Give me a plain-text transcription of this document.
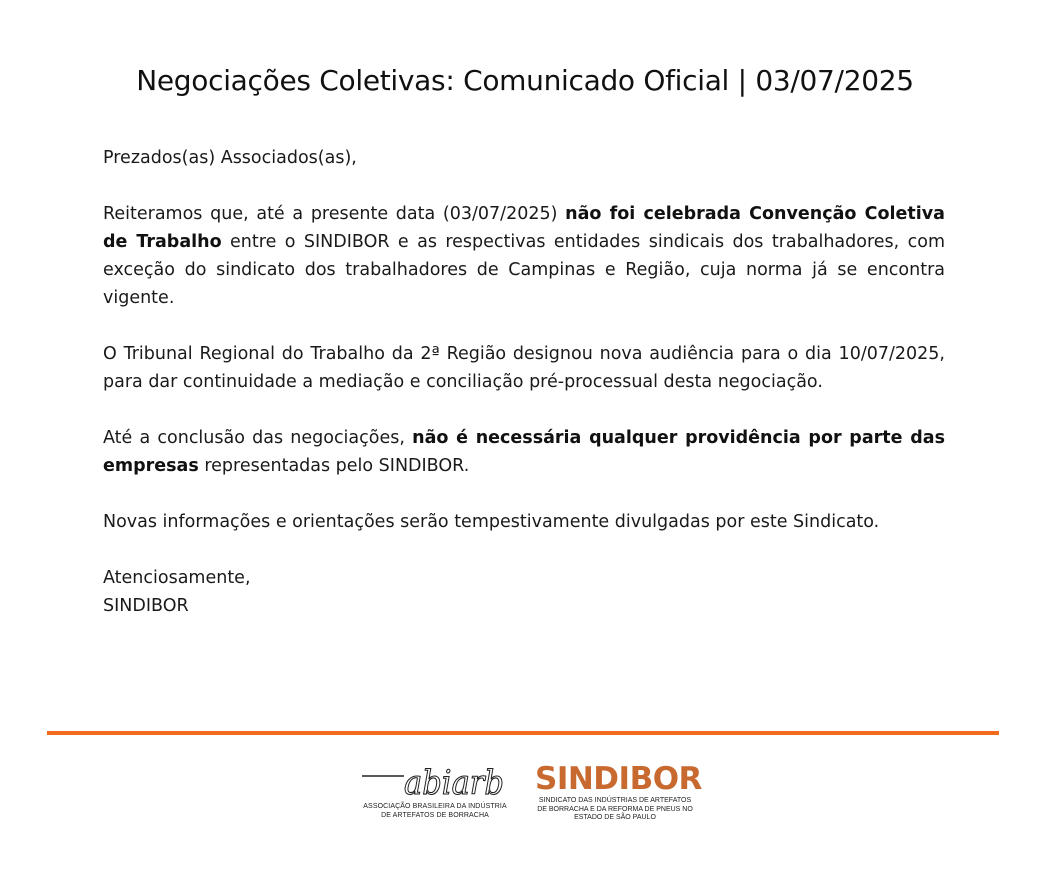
Negociações Coletivas: Comunicado Oficial | 03/07/2025

Prezados(as) Associados(as),

Reiteramos que, até a presente data (03/07/2025) não foi celebrada Convenção Coletiva de Trabalho entre o SINDIBOR e as respectivas entidades sindicais dos trabalhadores, com exceção do sindicato dos trabalhadores de Campinas e Região, cuja norma já se encontra vigente.

O Tribunal Regional do Trabalho da 2ª Região designou nova audiência para o dia 10/07/2025, para dar continuidade a mediação e conciliação pré-processual desta negociação.

Até a conclusão das negociações, não é necessária qualquer providência por parte das empresas representadas pelo SINDIBOR.

Novas informações e orientações serão tempestivamente divulgadas por este Sindicato.

Atenciosamente,
SINDIBOR
abiarb
ASSOCIAÇÃO BRASILEIRA DA INDÚSTRIA
DE ARTEFATOS DE BORRACHA
SINDIBOR
SINDICATO DAS INDÚSTRIAS DE ARTEFATOS
DE BORRACHA E DA REFORMA DE PNEUS NO
ESTADO DE SÃO PAULO
